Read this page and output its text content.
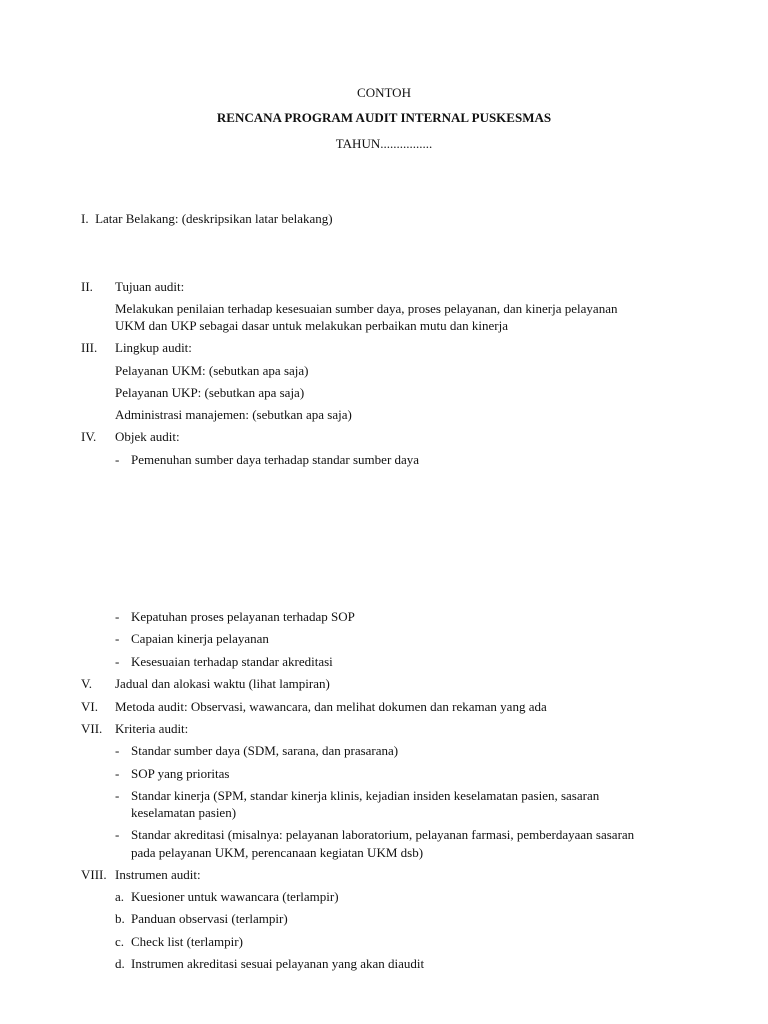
CONTOH
RENCANA PROGRAM AUDIT INTERNAL PUSKESMAS
TAHUN................
I.  Latar Belakang: (deskripsikan latar belakang)
II. Tujuan audit:
Melakukan penilaian terhadap kesesuaian sumber daya, proses pelayanan, dan kinerja pelayanan
UKM dan UKP sebagai dasar untuk melakukan perbaikan mutu dan kinerja
III. Lingkup audit:
Pelayanan UKM: (sebutkan apa saja)
Pelayanan UKP: (sebutkan apa saja)
Administrasi manajemen: (sebutkan apa saja)
IV. Objek audit:
- Pemenuhan sumber daya terhadap standar sumber daya
- Kepatuhan proses pelayanan terhadap SOP
- Capaian kinerja pelayanan
- Kesesuaian terhadap standar akreditasi
V. Jadual dan alokasi waktu (lihat lampiran)
VI. Metoda audit: Observasi, wawancara, dan melihat dokumen dan rekaman yang ada
VII. Kriteria audit:
- Standar sumber daya (SDM, sarana, dan prasarana)
- SOP yang prioritas
- Standar kinerja (SPM, standar kinerja klinis, kejadian insiden keselamatan pasien, sasaran
keselamatan pasien)
- Standar akreditasi (misalnya: pelayanan laboratorium, pelayanan farmasi, pemberdayaan sasaran
pada pelayanan UKM, perencanaan kegiatan UKM dsb)
VIII. Instrumen audit:
a. Kuesioner untuk wawancara (terlampir)
b. Panduan observasi (terlampir)
c. Check list (terlampir)
d. Instrumen akreditasi sesuai pelayanan yang akan diaudit
